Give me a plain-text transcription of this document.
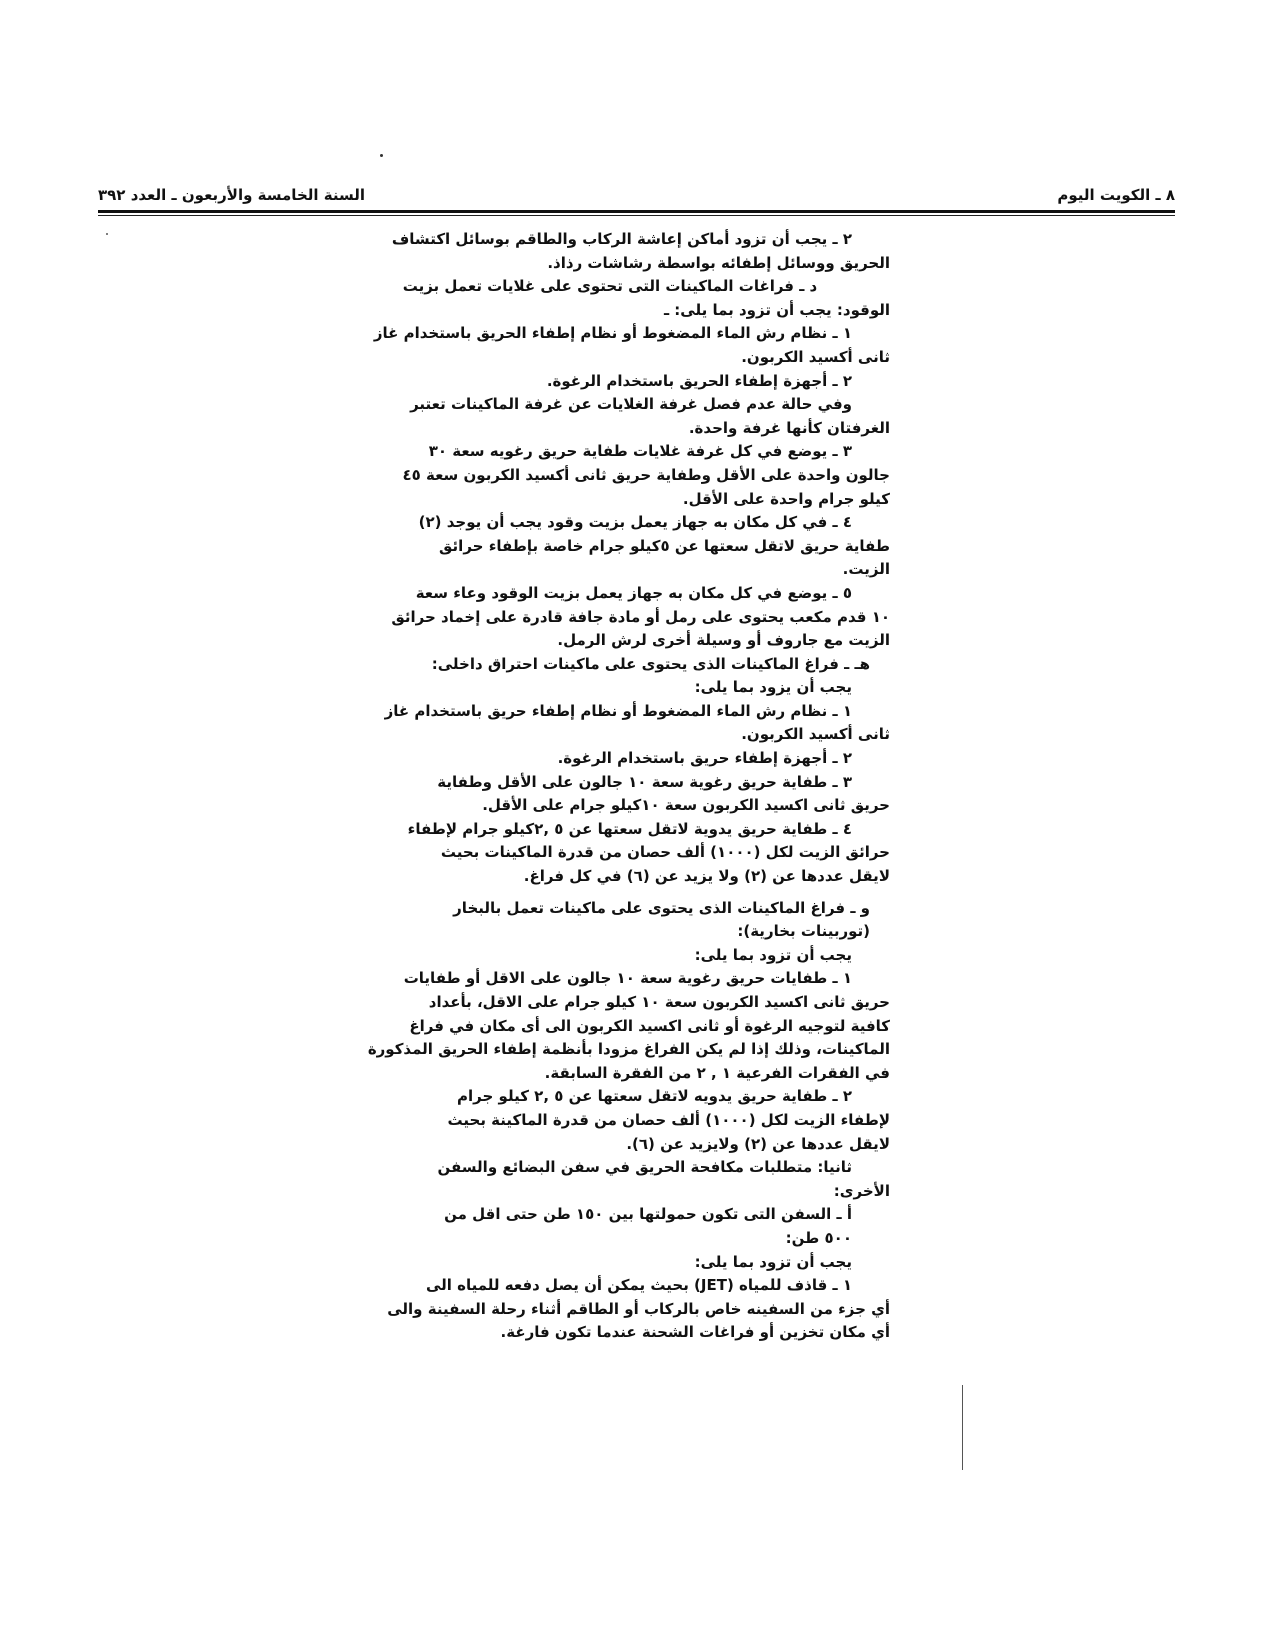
٨ ـ الكويت اليوم
السنة الخامسة والأربعون ـ العدد ٣٩٢

٢ ـ يجب أن تزود أماكن إعاشة الركاب والطاقم بوسائل اكتشاف

الحريق ووسائل إطفائه بواسطة رشاشات رذاذ.

د ـ فراغات الماكينات التى تحتوى على غلايات تعمل بزيت

الوقود: يجب أن تزود بما يلى: ـ

١ ـ نظام رش الماء المضغوط أو نظام إطفاء الحريق باستخدام غاز

ثانى أكسيد الكربون.

٢ ـ أجهزة إطفاء الحريق باستخدام الرغوة.

وفي حالة عدم فصل غرفة الغلايات عن غرفة الماكينات تعتبر

الغرفتان كأنها غرفة واحدة.

٣ ـ يوضع في كل غرفة غلايات طفاية حريق رغويه سعة ٣٠

جالون واحدة على الأقل وطفاية حريق ثانى أكسيد الكربون سعة ٤٥

كيلو جرام واحدة على الأقل.

٤ ـ في كل مكان به جهاز يعمل بزيت وقود يجب أن يوجد (٢)

طفاية حريق لاتقل سعتها عن ٥كيلو جرام خاصة بإطفاء حرائق

الزيت.

٥ ـ يوضع في كل مكان به جهاز يعمل بزيت الوقود وعاء سعة

١٠ قدم مكعب يحتوى على رمل أو مادة جافة قادرة على إخماد حرائق

الزيت مع جاروف أو وسيلة أخرى لرش الرمل.

هـ ـ فراغ الماكينات الذى يحتوى على ماكينات احتراق داخلى:

يجب أن يزود بما يلى:

١ ـ نظام رش الماء المضغوط أو نظام إطفاء حريق باستخدام غاز

ثانى أكسيد الكربون.

٢ ـ أجهزة إطفاء حريق باستخدام الرغوة.

٣ ـ طفاية حريق رغوية سعة ١٠ جالون على الأقل وطفاية

حريق ثانى اكسيد الكربون سعة ١٠كيلو جرام على الأقل.

٤ ـ طفاية حريق يدوية لاتقل سعتها عن ٥ ,٢كيلو جرام لإطفاء

حرائق الزيت لكل (١٠٠٠) ألف حصان من قدرة الماكينات بحيث

لايقل عددها عن (٢) ولا يزيد عن (٦) في كل فراغ.

و ـ فراغ الماكينات الذى يحتوى على ماكينات تعمل بالبخار

(توربينات بخارية):

يجب أن تزود بما يلى:

١ ـ طفايات حريق رغوية سعة ١٠ جالون على الاقل أو طفايات

حريق ثانى اكسيد الكربون سعة ١٠ كيلو جرام على الاقل، بأعداد

كافية لتوجيه الرغوة أو ثانى اكسيد الكربون الى أى مكان في فراغ

الماكينات، وذلك إذا لم يكن الفراغ مزودا بأنظمة إطفاء الحريق المذكورة

في الفقرات الفرعية ١ , ٢ من الفقرة السابقة.

٢ ـ طفاية حريق يدويه لاتقل سعتها عن ٥ ,٢ كيلو جرام

لإطفاء الزيت لكل (١٠٠٠) ألف حصان من قدرة الماكينة بحيث

لايقل عددها عن (٢) ولايزيد عن (٦).

ثانيا: متطلبات مكافحة الحريق في سفن البضائع والسفن

الأخرى:

أ ـ السفن التى تكون حمولتها بين ١٥٠ طن حتى اقل من

٥٠٠ طن:

يجب أن تزود بما يلى:

١ ـ قاذف للمياه (JET) بحيث يمكن أن يصل دفعه للمياه الى

أي جزء من السفينه خاص بالركاب أو الطاقم أثناء رحلة السفينة والى

أي مكان تخزين أو فراغات الشحنة عندما تكون فارغة.
